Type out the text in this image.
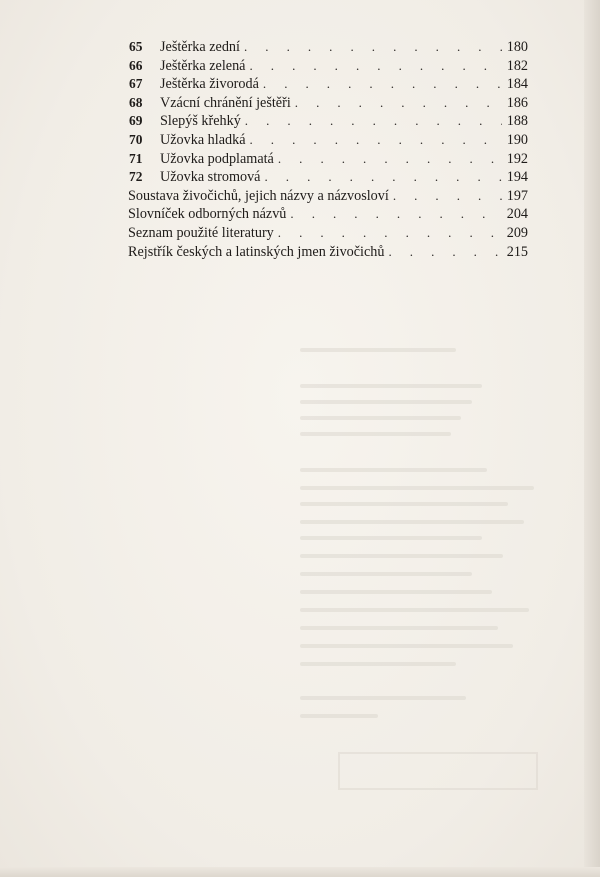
65	Ještěrka zední . . .	180
66	Ještěrka zelená . . .	182
67	Ještěrka živorodá . . .	184
68	Vzácní chránění ještěři . . .	186
69	Slepýš křehký . . .	188
70	Užovka hladká . . .	190
71	Užovka podplamatá . . .	192
72	Užovka stromová . . .	194
Soustava živočichů, jejich názvy a názvosloví . . .	197
Slovníček odborných názvů . . .	204
Seznam použité literatury . . .	209
Rejstřík českých a latinských jmen živočichů . . .	215
